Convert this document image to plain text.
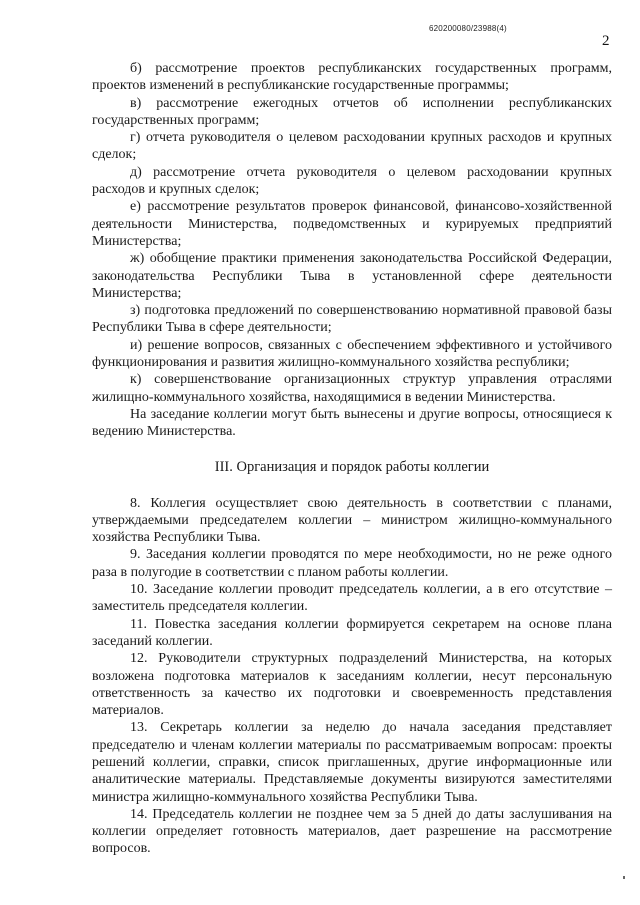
620200080/23988(4)
2

б) рассмотрение проектов республиканских государственных программ, проектов изменений в республиканские государственные программы;

в) рассмотрение ежегодных отчетов об исполнении республиканских государственных программ;

г) отчета руководителя о целевом расходовании крупных расходов и крупных сделок;

д) рассмотрение отчета руководителя о целевом расходовании крупных расходов и крупных сделок;

е) рассмотрение результатов проверок финансовой, финансово-хозяйственной деятельности Министерства, подведомственных и курируемых предприятий Министерства;

ж) обобщение практики применения законодательства Российской Федерации, законодательства Республики Тыва в установленной сфере деятельности Министерства;

з) подготовка предложений по совершенствованию нормативной правовой базы Республики Тыва в сфере деятельности;

и) решение вопросов, связанных с обеспечением эффективного и устойчивого функционирования и развития жилищно-коммунального хозяйства республики;

к) совершенствование организационных структур управления отраслями жилищно-коммунального хозяйства, находящимися в ведении Министерства.

На заседание коллегии могут быть вынесены и другие вопросы, относящиеся к ведению Министерства.

III. Организация и порядок работы коллегии

8. Коллегия осуществляет свою деятельность в соответствии с планами, утверждаемыми председателем коллегии – министром жилищно-коммунального хозяйства Республики Тыва.

9. Заседания коллегии проводятся по мере необходимости, но не реже одного раза в полугодие в соответствии с планом работы коллегии.

10. Заседание коллегии проводит председатель коллегии, а в его отсутствие – заместитель председателя коллегии.

11. Повестка заседания коллегии формируется секретарем на основе плана заседаний коллегии.

12. Руководители структурных подразделений Министерства, на которых возложена подготовка материалов к заседаниям коллегии, несут персональную ответственность за качество их подготовки и своевременность представления материалов.

13. Секретарь коллегии за неделю до начала заседания представляет председателю и членам коллегии материалы по рассматриваемым вопросам: проекты решений коллегии, справки, список приглашенных, другие информационные или аналитические материалы. Представляемые документы визируются заместителями министра жилищно-коммунального хозяйства Республики Тыва.

14. Председатель коллегии не позднее чем за 5 дней до даты заслушивания на коллегии определяет готовность материалов, дает разрешение на рассмотрение вопросов.
